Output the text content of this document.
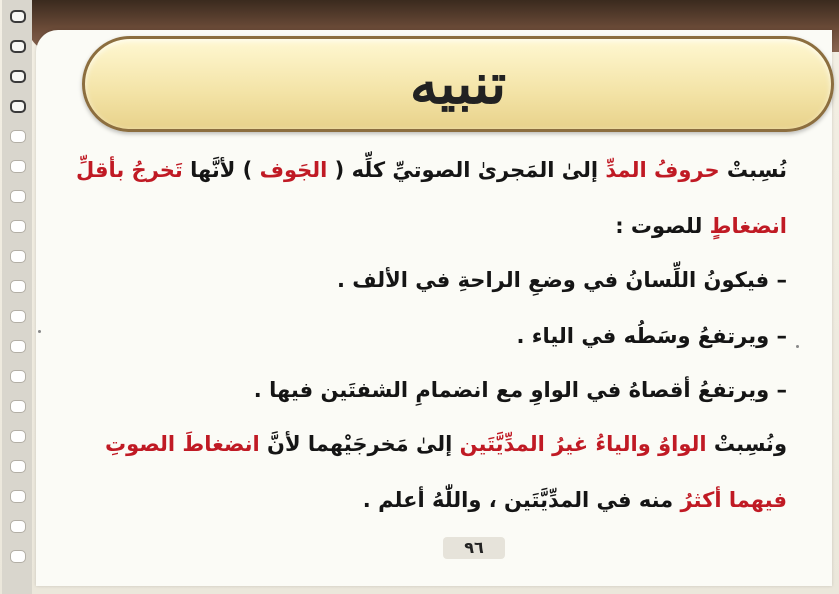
تنبيه
نُسِبتْ حروفُ المدِّ إلىٰ المَجرىٰ الصوتيِّ كلِّه ( الجَوف ) لأنَّها تَخرجُ بأقلِّ
انضغاطٍ للصوت :
– فيكونُ اللِّسانُ في وضعِ الراحةِ في الألف .
– ويرتفعُ وسَطُه في الياء .
– ويرتفعُ أقصاهُ في الواوِ مع انضمامِ الشفتَين فيها .
ونُسِبتْ الواوُ والياءُ غيرُ المدِّيَّتَين إلىٰ مَخرجَيْهما لأنَّ انضغاطَ الصوتِ
فيهما أكثرُ منه في المدِّيَّتَين ، واللّٰهُ أعلم .
٩٦
